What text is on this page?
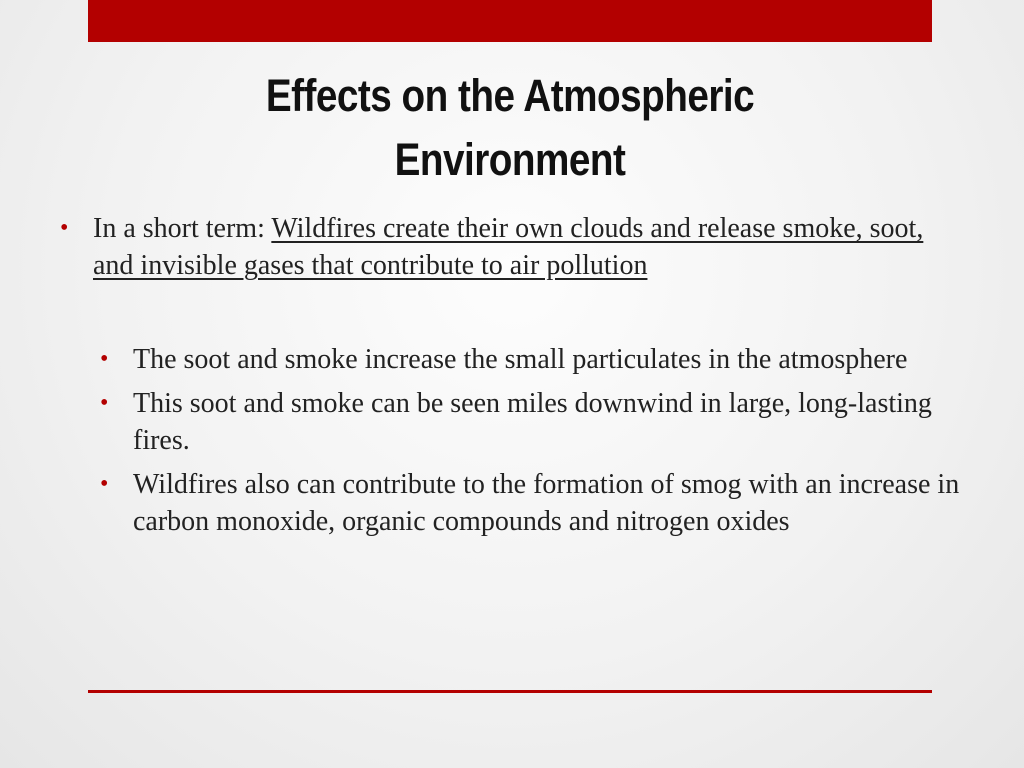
Effects on the Atmospheric Environment

• In a short term: Wildfires create their own clouds and release smoke, soot, and invisible gases that contribute to air pollution

• The soot and smoke increase the small particulates in the atmosphere

• This soot and smoke can be seen miles downwind in large, long-lasting fires.

• Wildfires also can contribute to the formation of smog with an increase in carbon monoxide, organic compounds and nitrogen oxides
